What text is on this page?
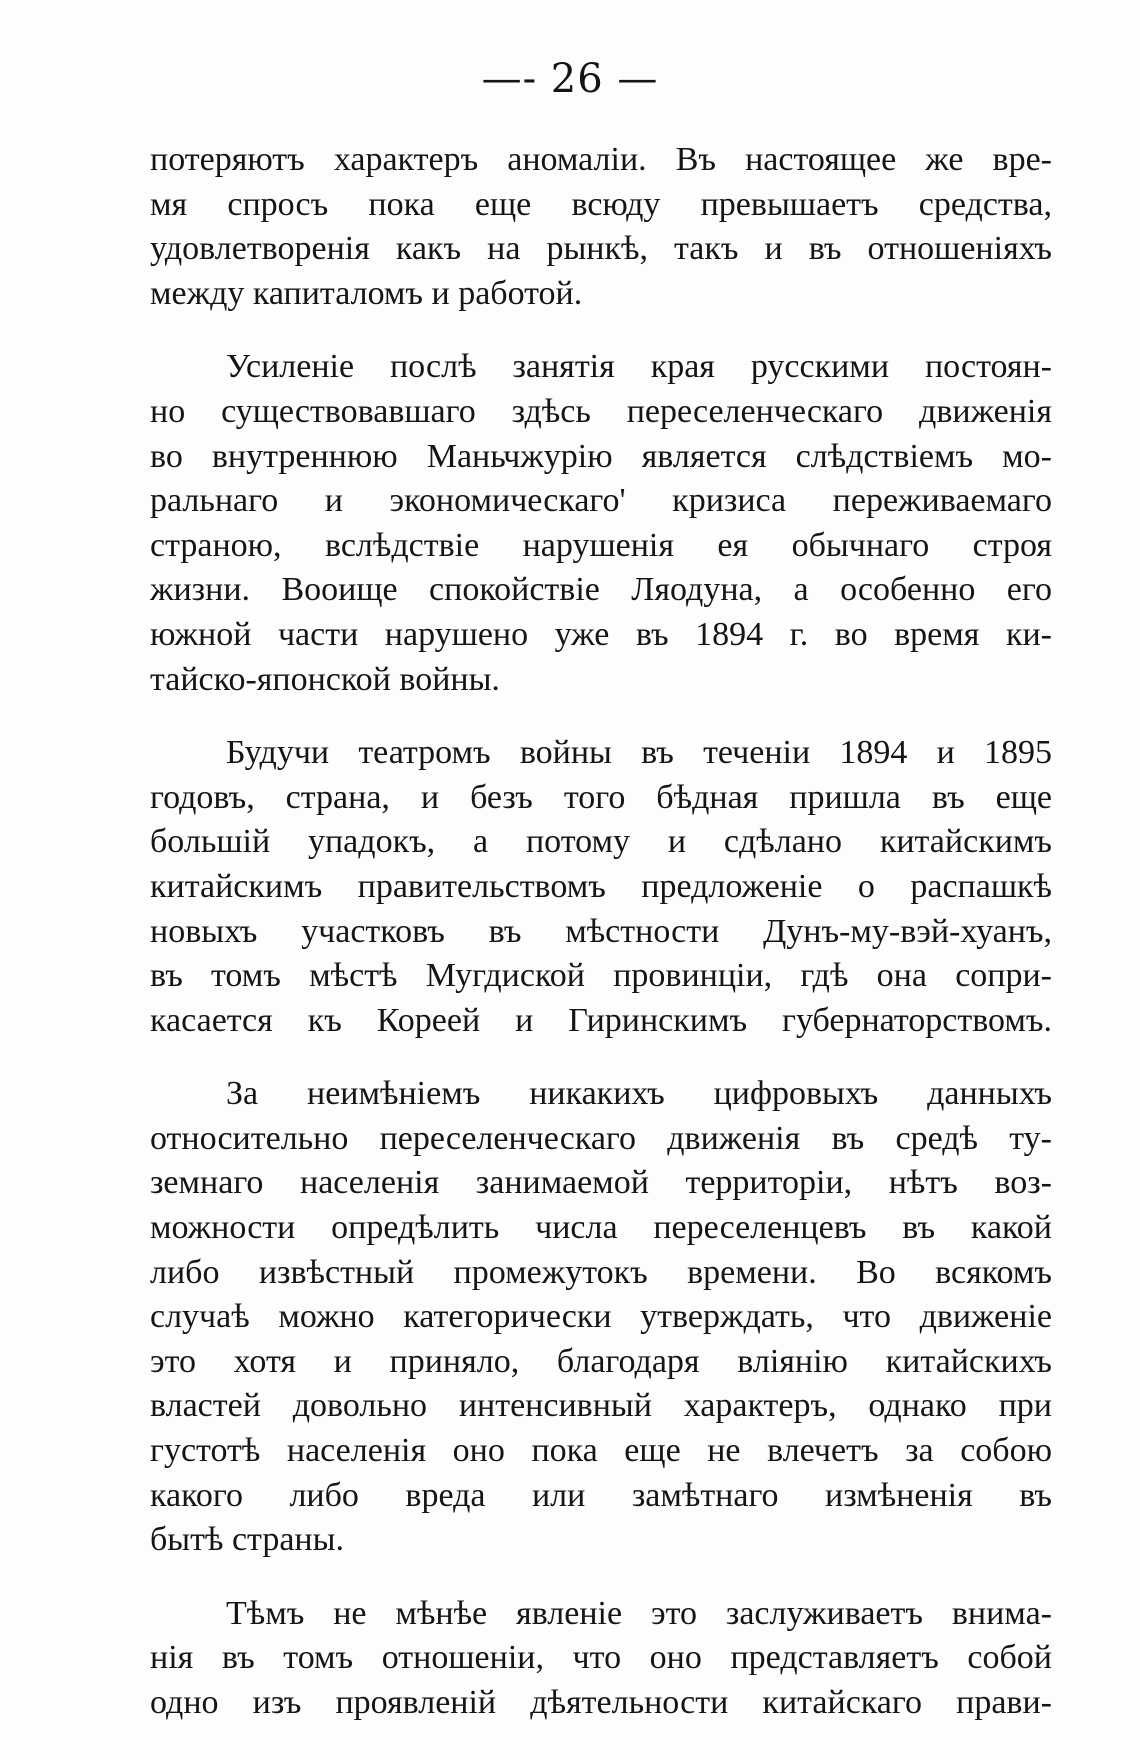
—- 26 —

потеряютъ характеръ аномаліи. Въ настоящее же вре-
мя спросъ пока еще всюду превышаетъ средства,
удовлетворенія какъ на рынкѣ, такъ и въ отношеніяхъ
между капиталомъ и работой.

Усиленіе послѣ занятія края русскими постоян-
но существовавшаго здѣсь переселенческаго движенія
во внутреннюю Маньчжурію является слѣдствіемъ мо-
ральнаго и экономическаго' кризиса переживаемаго
страною, вслѣдствіе нарушенія ея обычнаго строя
жизни. Вооище спокойствіе Ляодуна, а особенно его
южной части нарушено уже въ 1894 г. во время ки-
тайско-японской войны.

Будучи театромъ войны въ теченіи 1894 и 1895
годовъ, страна, и безъ того бѣдная пришла въ еще
большій упадокъ, а потому и сдѣлано китайскимъ
китайскимъ правительствомъ предложеніе о распашкѣ
новыхъ участковъ въ мѣстности Дунъ-му-вэй-хуанъ,
въ томъ мѣстѣ Мугдиской провинціи, гдѣ она сопри-
касается къ Кореей и Гиринскимъ губернаторствомъ.

За неимѣніемъ никакихъ цифровыхъ данныхъ
относительно переселенческаго движенія въ средѣ ту-
земнаго населенія занимаемой территоріи, нѣтъ воз-
можности опредѣлить числа переселенцевъ въ какой
либо извѣстный промежутокъ времени. Во всякомъ
случаѣ можно категорически утверждать, что движеніе
это хотя и приняло, благодаря вліянію китайскихъ
властей довольно интенсивный характеръ, однако при
густотѣ населенія оно пока еще не влечетъ за собою
какого либо вреда или замѣтнаго измѣненія въ
бытѣ страны.

Тѣмъ не мѣнѣе явленіе это заслуживаетъ внима-
нія въ томъ отношеніи, что оно представляетъ собой
одно изъ проявленій дѣятельности китайскаго прави-
